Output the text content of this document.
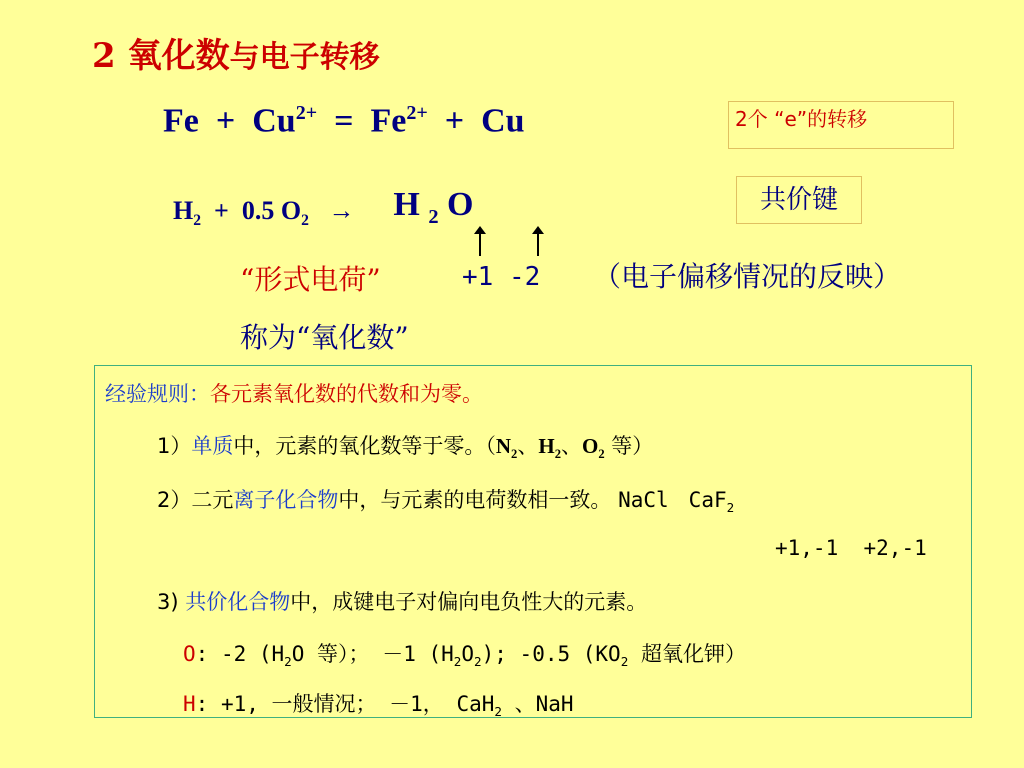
2 氧化数与电子转移
$Fe + Cu^{2+} = Fe^{2+} + Cu$	2个 “e”的转移
$H_2 + 0.5$ $O_2 \to H$ $_2$ O	共价键
“形式电荷”	+1 -2 （电子偏移情况的反映）
称为“氧化数”
经验规则：各元素氧化数的代数和为零。
1）单质中，元素的氧化数等于零。（$N_2$、$H_2$、$O_2$ 等）
2）二元离子化合物中，与元素的电荷数相一致。 NaCl CaF$_2$
+1,-1 +2,-1
3) 共价化合物中，成键电子对偏向电负性大的元素。
O: -2 ($H_2O$ 等）； －1 $(H_2O_2)$; -0.5 ($KO_2$ 超氧化钾）
H: +1, 一般情况； －1， CaH$_2$ 、NaH
